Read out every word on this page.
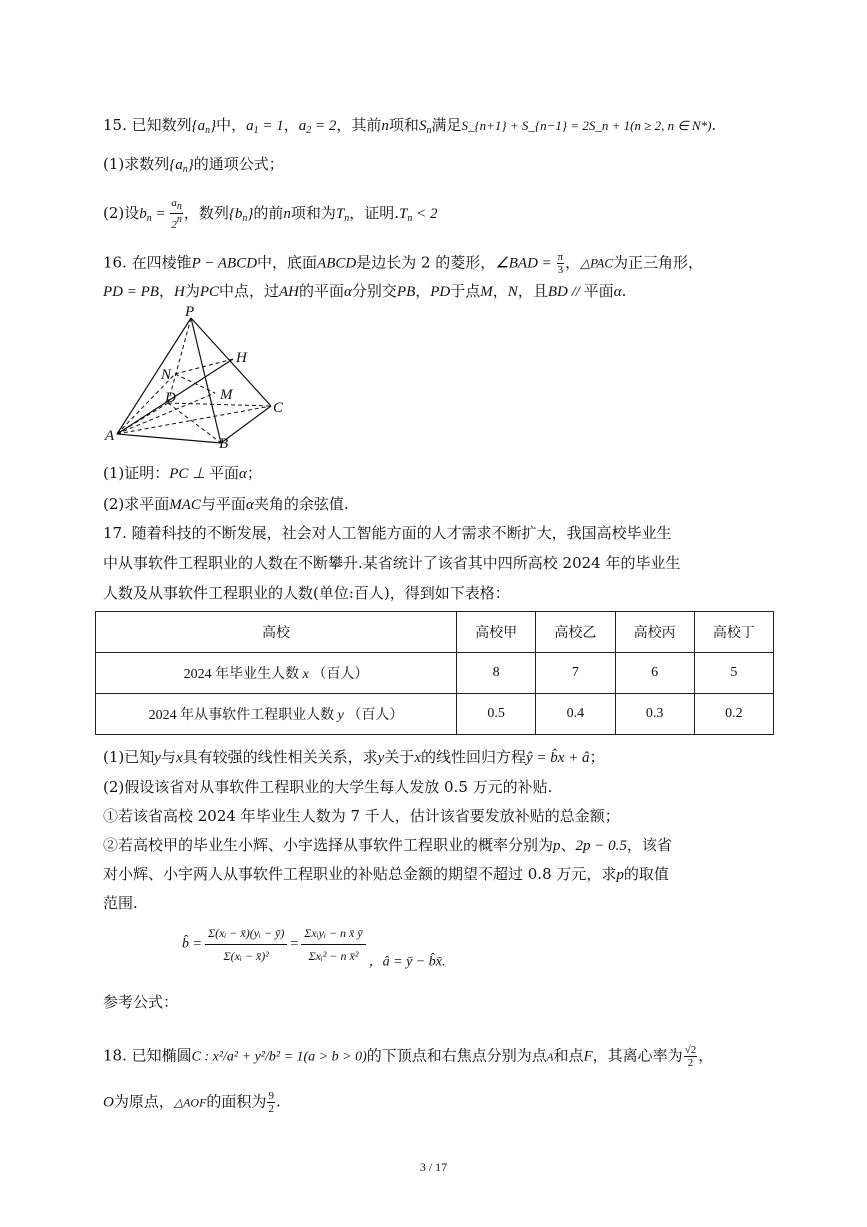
15. 已知数列$\{a_n\}$中，$a_1 = 1$，$a_2 = 2$，其前n项和$S_n$满足S_{n+1} + S_{n−1} = 2S_n + 1(n ≥ 2, n ∈ N*).
(1)求数列$\{a_n\}$的通项公式；
(2)设$b_n = \frac{an}{2n}$ ，数列$\{b_n\}$的前n项和为$T_n$，证明$.T_n < 2$
16. 在四棱锥P − ABCD中，底面ABCD是边长为 2 的菱形，∠BAD = $\frac{\pi}{3}$ ，△PAC为正三角形，
PD = PB，H为PC中点，过AH的平面α分别交PB，PD于点M，N，且BD // 平面α.
P
H
N
D	M
C
A	B
(1)证明：PC ⊥ 平面α；
(2)求平面MAC与平面α夹角的余弦值.
17. 随着科技的不断发展，社会对人工智能方面的人才需求不断扩大，我国高校毕业生
中从事软件工程职业的人数在不断攀升.某省统计了该省其中四所高校 2024 年的毕业生
人数及从事软件工程职业的人数(单位:百人)，得到如下表格：
高校	高校甲	高校乙	高校丙	高校丁
2024 年毕业生人数 x （百人）	8	7	6	5
2024 年从事软件工程职业人数 y （百人）	0.5	0.4	0.3	0.2
(1)已知y与x具有较强的线性相关关系，求y关于x的线性回归方程ŷ = b̂x + â；
(2)假设该省对从事软件工程职业的大学生每人发放 0.5 万元的补贴.
①若该省高校 2024 年毕业生人数为 7 千人，估计该省要发放补贴的总金额；
②若高校甲的毕业生小辉、小宇选择从事软件工程职业的概率分别为p、2p − 0.5，该省
对小辉、小宇两人从事软件工程职业的补贴总金额的期望不超过 0.8 万元，求p的取值
范围.
参考公式：
b̂ = $\frac{\text{Σ(xᵢ − x̄)(yᵢ − ȳ)}}{\text{Σ(xᵢ − x̄)²}} = \frac{\text{Σxᵢyᵢ − n x̄ ȳ}}{\text{Σxᵢ² − n x̄²}}$ ，â = ȳ − b̂x̄.
18. 已知椭圆C : x²/a² + y²/b² = 1(a > b > 0)的下顶点和右焦点分别为点A和点F，其离心率为 $\frac{√2}{2}$ ，
O为原点，△AOF的面积为 $\frac{9}{2}$ .
3 / 17
